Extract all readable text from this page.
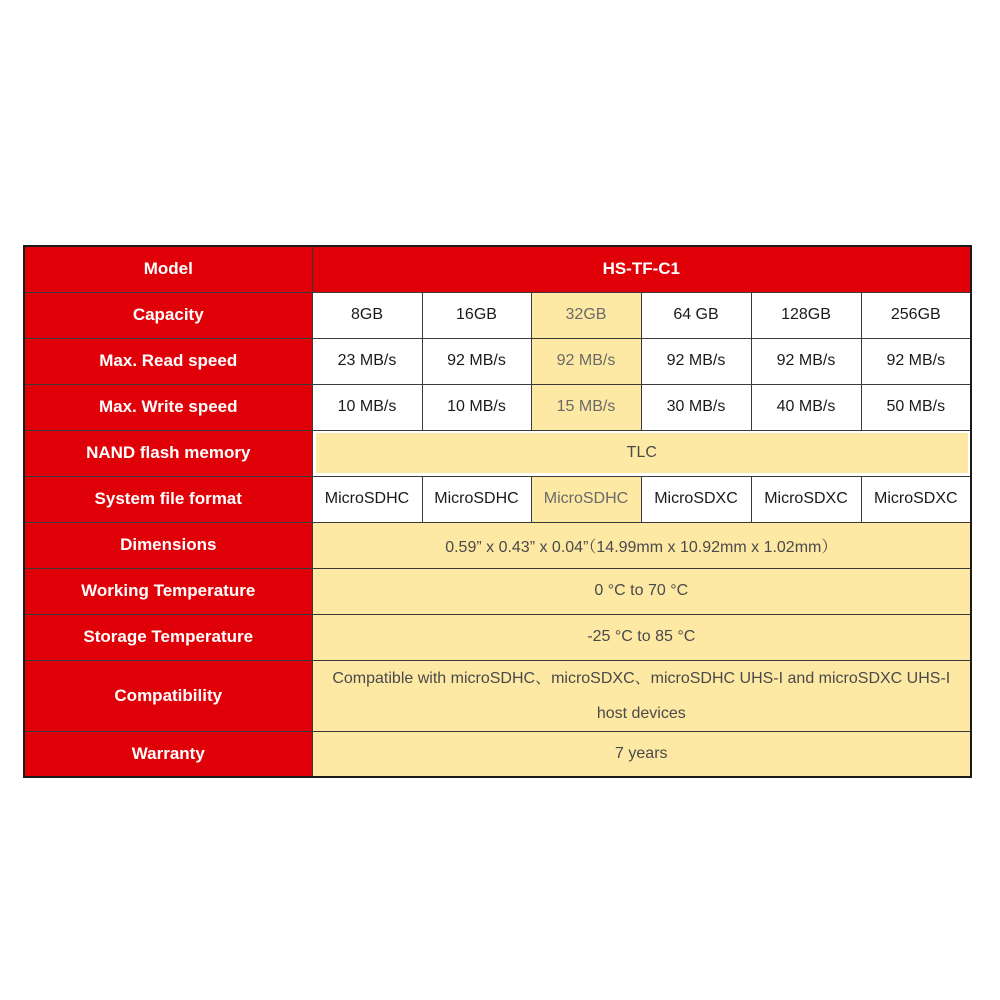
Model	HS-TF-C1					
Capacity	8GB	16GB	32GB	64 GB	128GB	256GB
Max. Read speed	23 MB/s	92 MB/s	92 MB/s	92 MB/s	92 MB/s	92 MB/s
Max. Write speed	10 MB/s	10 MB/s	15 MB/s	30 MB/s	40 MB/s	50 MB/s
NAND flash memory	TLC					

System file format	MicroSDHC	MicroSDHC	MicroSDHC	MicroSDXC	MicroSDXC	MicroSDXC
Dimensions	0.59” x 0.43” x 0.04”（14.99mm x 10.92mm x 1.02mm）					
Working Temperature	0 °C to 70 °C					
Storage Temperature	-25 °C to 85 °C					
Compatibility	Compatible with microSDHC、microSDXC、microSDHC UHS-I and microSDXC UHS-I host devices					
Warranty	7 years					
